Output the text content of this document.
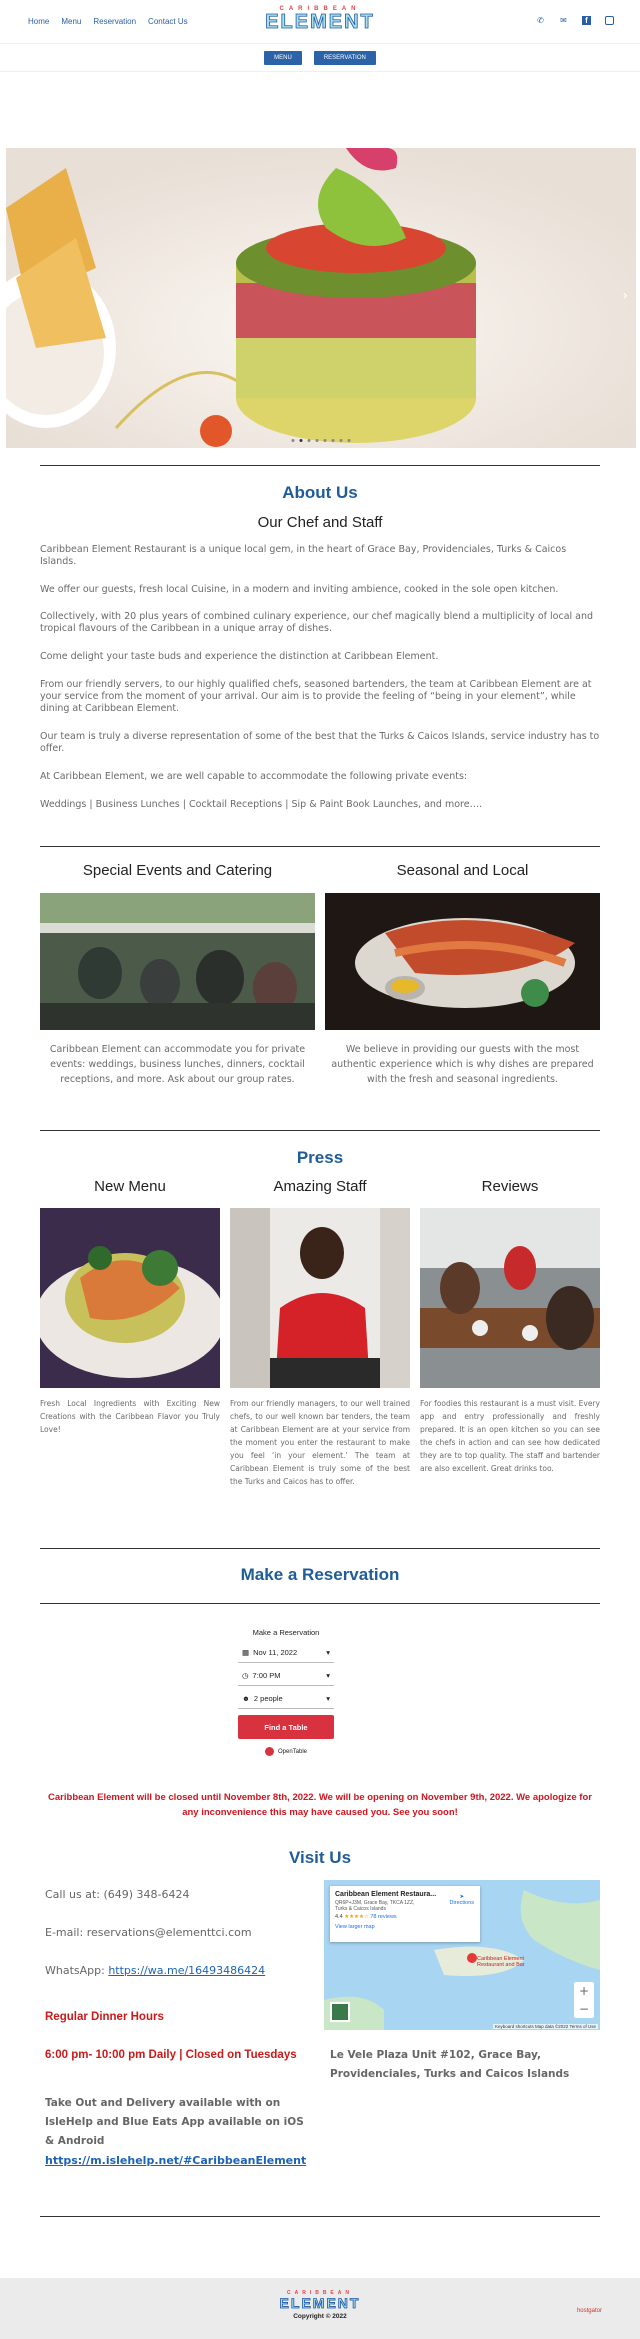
Home Menu Reservation Contact Us
CARIBBEAN
ELEMENT	✆ ✉	f
MENU	RESERVATION
‹	›
About Us
Our Chef and Staff

Caribbean Element Restaurant is a unique local gem, in the heart of Grace Bay, Providenciales, Turks & Caicos Islands.

We offer our guests, fresh local Cuisine, in a modern and inviting ambience, cooked in the sole open kitchen.

Collectively, with 20 plus years of combined culinary experience, our chef magically blend a multiplicity of local and tropical flavours of the Caribbean in a unique array of dishes.

Come delight your taste buds and experience the distinction at Caribbean Element.

From our friendly servers, to our highly qualified chefs, seasoned bartenders, the team at Caribbean Element are at your service from the moment of your arrival. Our aim is to provide the feeling of “being in your element”, while dining at Caribbean Element.

Our team is truly a diverse representation of some of the best that the Turks & Caicos Islands, service industry has to offer.

At Caribbean Element, we are well capable to accommodate the following private events:

Weddings | Business Lunches | Cocktail Receptions | Sip & Paint Book Launches, and more….

Special Events and Catering	Seasonal and Local

Caribbean Element can accommodate you for private events: weddings, business lunches, dinners, cocktail receptions, and more. Ask about our group rates.

We believe in providing our guests with the most authentic experience which is why dishes are prepared with the fresh and seasonal ingredients.

Press
New Menu	Amazing Staff	Reviews

Fresh Local Ingredients with Exciting New Creations with the Caribbean Flavor you Truly Love!

From our friendly managers, to our well trained chefs, to our well known bar tenders, the team at Caribbean Element are at your service from the moment you enter the restaurant to make you feel ‘in your element.’ The team at Caribbean Element is truly some of the best the Turks and Caicos has to offer.

For foodies this restaurant is a must visit. Every app and entry professionally and freshly prepared. It is an open kitchen so you can see the chefs in action and can see how dedicated they are to top quality. The staff and bartender are also excellent. Great drinks too.

Make a Reservation
Make a Reservation
▦ Nov 11, 2022	▾
◷ 7:00 PM	▾
☻ 2 people	▾
Find a Table
OpenTable

Caribbean Element will be closed until November 8th, 2022. We will be opening on November 9th, 2022. We apologize for any inconvenience this may have caused you. See you soon!

Visit Us

Call us at: (649) 348-6424

E-mail: reservations@elementtci.com

WhatsApp: https://wa.me/16493486424

Regular Dinner Hours

6:00 pm- 10:00 pm Daily | Closed on Tuesdays

Take Out and Delivery available with on IsleHelp and Blue Eats App available on iOS & Android

https://m.islehelp.net/#CaribbeanElement
Caribbean Element Restaura...
QR6P+J3M, Grace Bay, TKCA 1ZZ,
Turks & Caicos Islands
4.4 ★★★★☆ 78 reviews
View larger map
➤
Directions
Caribbean Element Restaurant and Bar
+
−
Keyboard shortcuts Map data ©2022 Terms of Use

Le Vele Plaza Unit #102, Grace Bay, Providenciales, Turks and Caicos Islands

CARIBBEAN
ELEMENT
Copyright © 2022
hostgator
